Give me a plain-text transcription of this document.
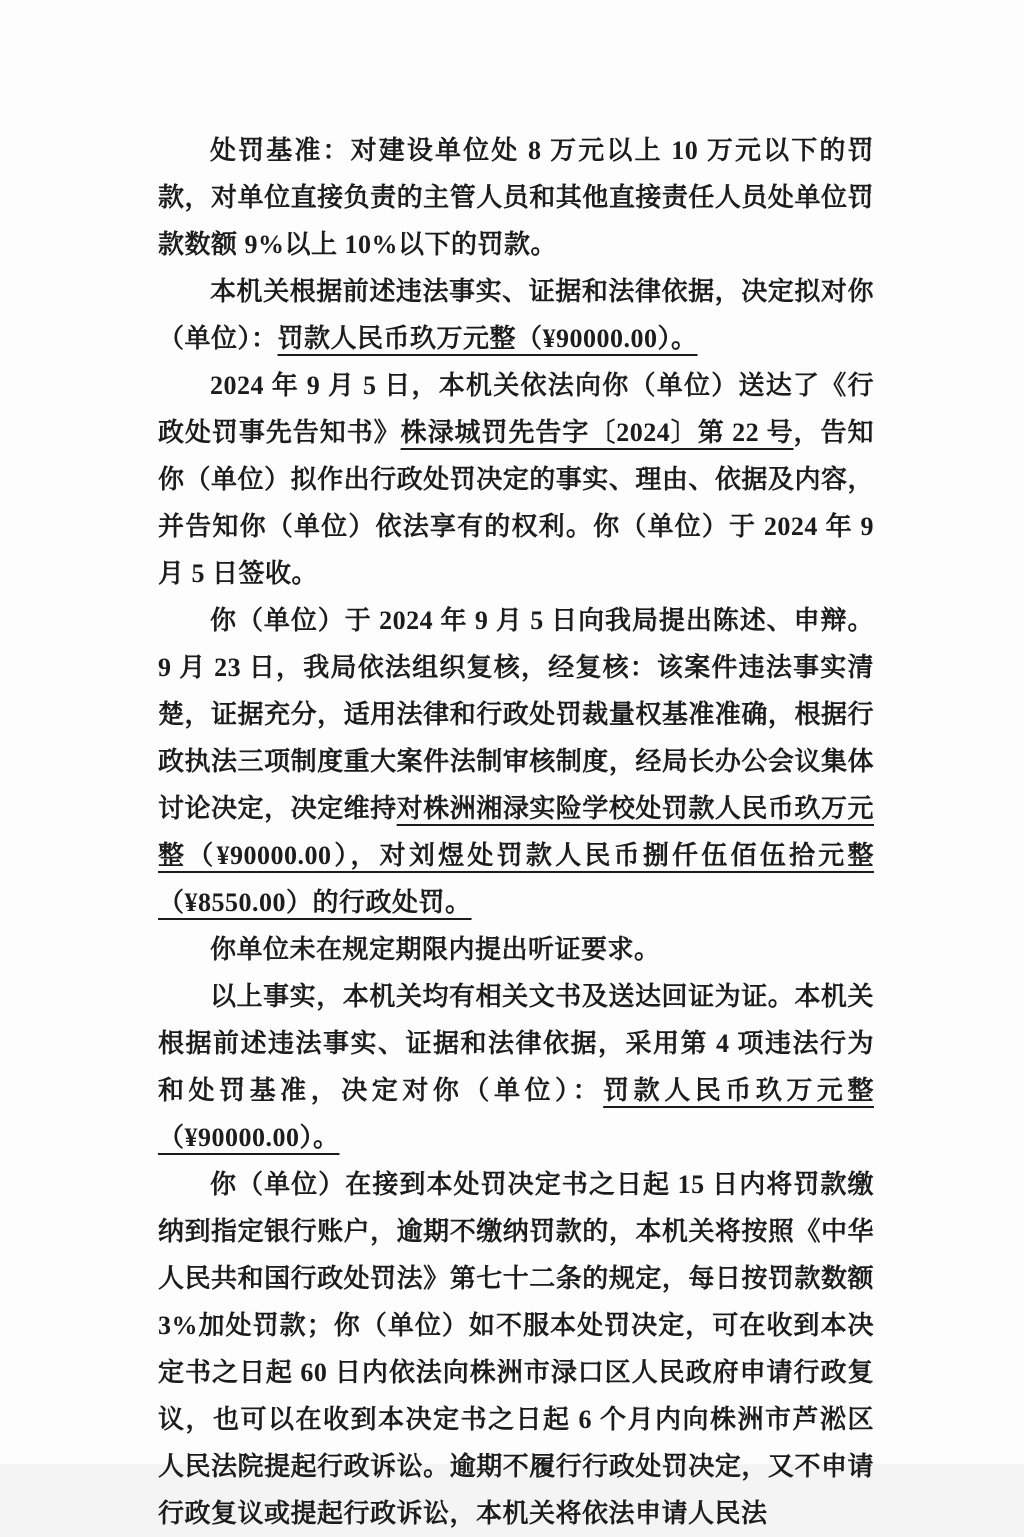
处罚基准：对建设单位处 8 万元以上 10 万元以下的罚款，对单位直接负责的主管人员和其他直接责任人员处单位罚款数额 9%以上 10%以下的罚款。

本机关根据前述违法事实、证据和法律依据，决定拟对你（单位）：罚款人民币玖万元整（¥90000.00）。

2024 年 9 月 5 日，本机关依法向你（单位）送达了《行政处罚事先告知书》株渌城罚先告字〔2024〕第 22 号，告知你（单位）拟作出行政处罚决定的事实、理由、依据及内容，并告知你（单位）依法享有的权利。你（单位）于 2024 年 9 月 5 日签收。

你（单位）于 2024 年 9 月 5 日向我局提出陈述、申辩。9 月 23 日，我局依法组织复核，经复核：该案件违法事实清楚，证据充分，适用法律和行政处罚裁量权基准准确，根据行政执法三项制度重大案件法制审核制度，经局长办公会议集体讨论决定，决定维持对株洲湘渌实险学校处罚款人民币玖万元整（¥90000.00），对刘煜处罚款人民币捌仟伍佰伍拾元整（¥8550.00）的行政处罚。

你单位未在规定期限内提出听证要求。

以上事实，本机关均有相关文书及送达回证为证。本机关根据前述违法事实、证据和法律依据，采用第 4 项违法行为和处罚基准，决定对你（单位）：罚款人民币玖万元整（¥90000.00）。

你（单位）在接到本处罚决定书之日起 15 日内将罚款缴纳到指定银行账户，逾期不缴纳罚款的，本机关将按照《中华人民共和国行政处罚法》第七十二条的规定，每日按罚款数额 3%加处罚款；你（单位）如不服本处罚决定，可在收到本决定书之日起 60 日内依法向株洲市渌口区人民政府申请行政复议，也可以在收到本决定书之日起 6 个月内向株洲市芦淞区人民法院提起行政诉讼。逾期不履行行政处罚决定，又不申请行政复议或提起行政诉讼，本机关将依法申请人民法
